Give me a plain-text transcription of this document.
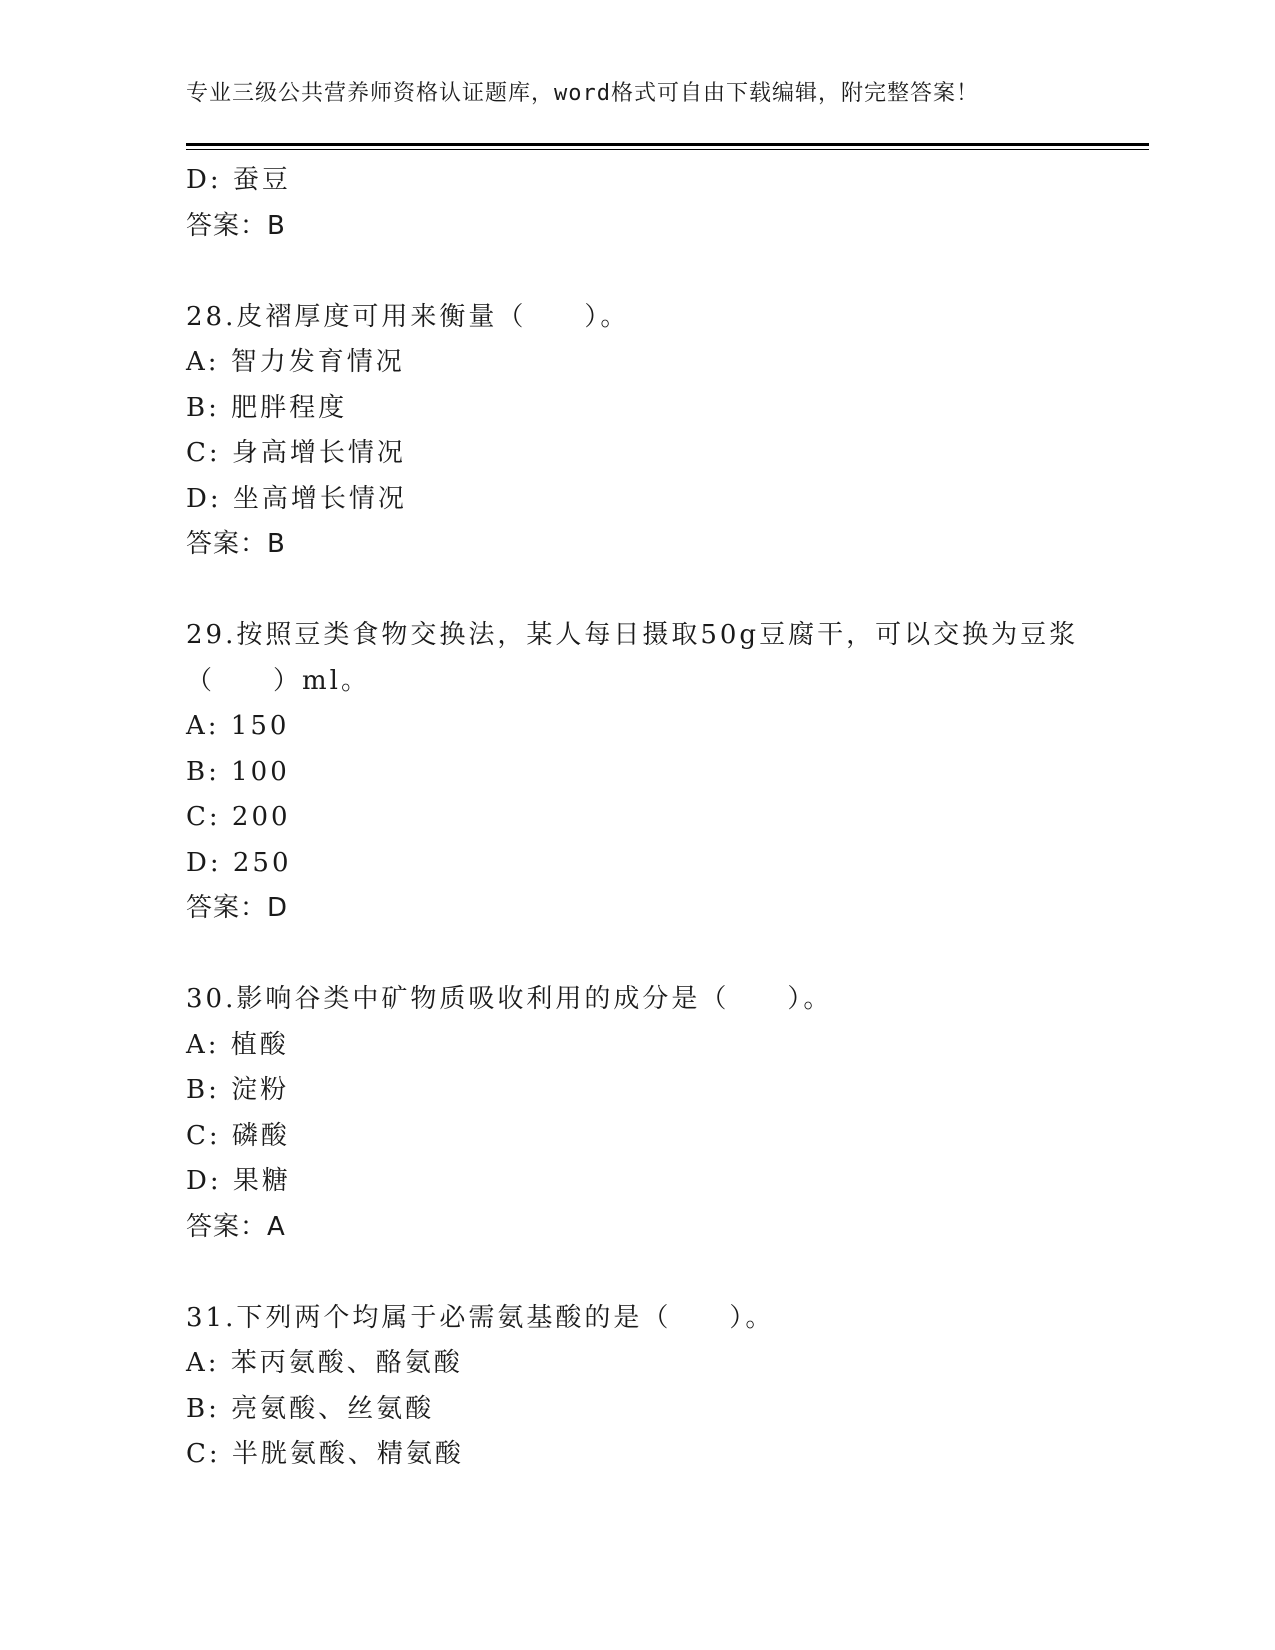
专业三级公共营养师资格认证题库，word格式可自由下载编辑，附完整答案！
D: 蚕豆
答案：B
28.皮褶厚度可用来衡量（　　）。
A: 智力发育情况
B: 肥胖程度
C: 身高增长情况
D: 坐高增长情况
答案：B
29.按照豆类食物交换法，某人每日摄取50g豆腐干，可以交换为豆浆
（　　）ml。
A: 150
B: 100
C: 200
D: 250
答案：D
30.影响谷类中矿物质吸收利用的成分是（　　）。
A: 植酸
B: 淀粉
C: 磷酸
D: 果糖
答案：A
31.下列两个均属于必需氨基酸的是（　　）。
A: 苯丙氨酸、酪氨酸
B: 亮氨酸、丝氨酸
C: 半胱氨酸、精氨酸
